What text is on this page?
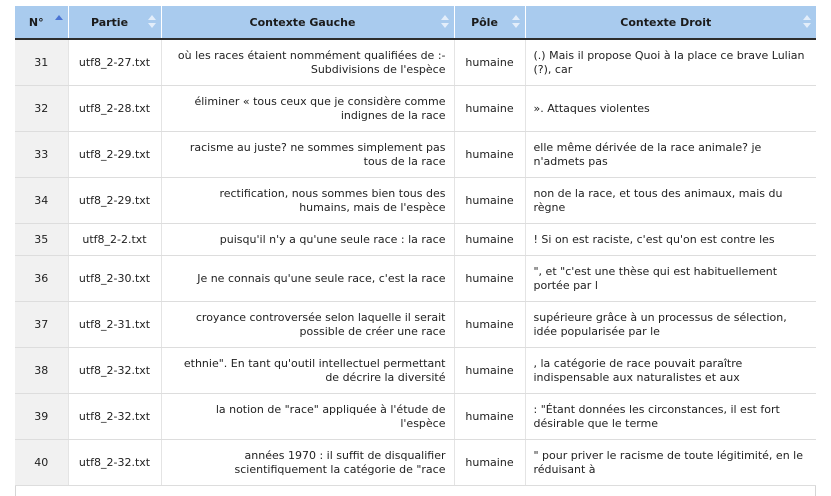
N°	Partie	Contexte Gauche	Pôle	Contexte Droit

31	utf8_2-27.txt	où les races étaient nommément qualifiées de :- Subdivisions de l'espèce	humaine	(.) Mais il propose Quoi à la place ce brave Lulian (?), car
32	utf8_2-28.txt	éliminer « tous ceux que je considère comme indignes de la race	humaine	». Attaques violentes
33	utf8_2-29.txt	racisme au juste? ne sommes simplement pas tous de la race	humaine	elle même dérivée de la race animale? je n'admets pas
34	utf8_2-29.txt	rectification, nous sommes bien tous des humains, mais de l'espèce	humaine	non de la race, et tous des animaux, mais du règne
35	utf8_2-2.txt	puisqu'il n'y a qu'une seule race : la race	humaine	! Si on est raciste, c'est qu'on est contre les
36	utf8_2-30.txt	Je ne connais qu'une seule race, c'est la race	humaine	", et "c'est une thèse qui est habituellement portée par l
37	utf8_2-31.txt	croyance controversée selon laquelle il serait possible de créer une race	humaine	supérieure grâce à un processus de sélection, idée popularisée par le
38	utf8_2-32.txt	ethnie". En tant qu'outil intellectuel permettant de décrire la diversité	humaine	, la catégorie de race pouvait paraître indispensable aux naturalistes et aux
39	utf8_2-32.txt	la notion de "race" appliquée à l'étude de l'espèce	humaine	: "Étant données les circonstances, il est fort désirable que le terme
40	utf8_2-32.txt	années 1970 : il suffit de disqualifier scientifiquement la catégorie de "race	humaine	" pour priver le racisme de toute légitimité, en le réduisant à
